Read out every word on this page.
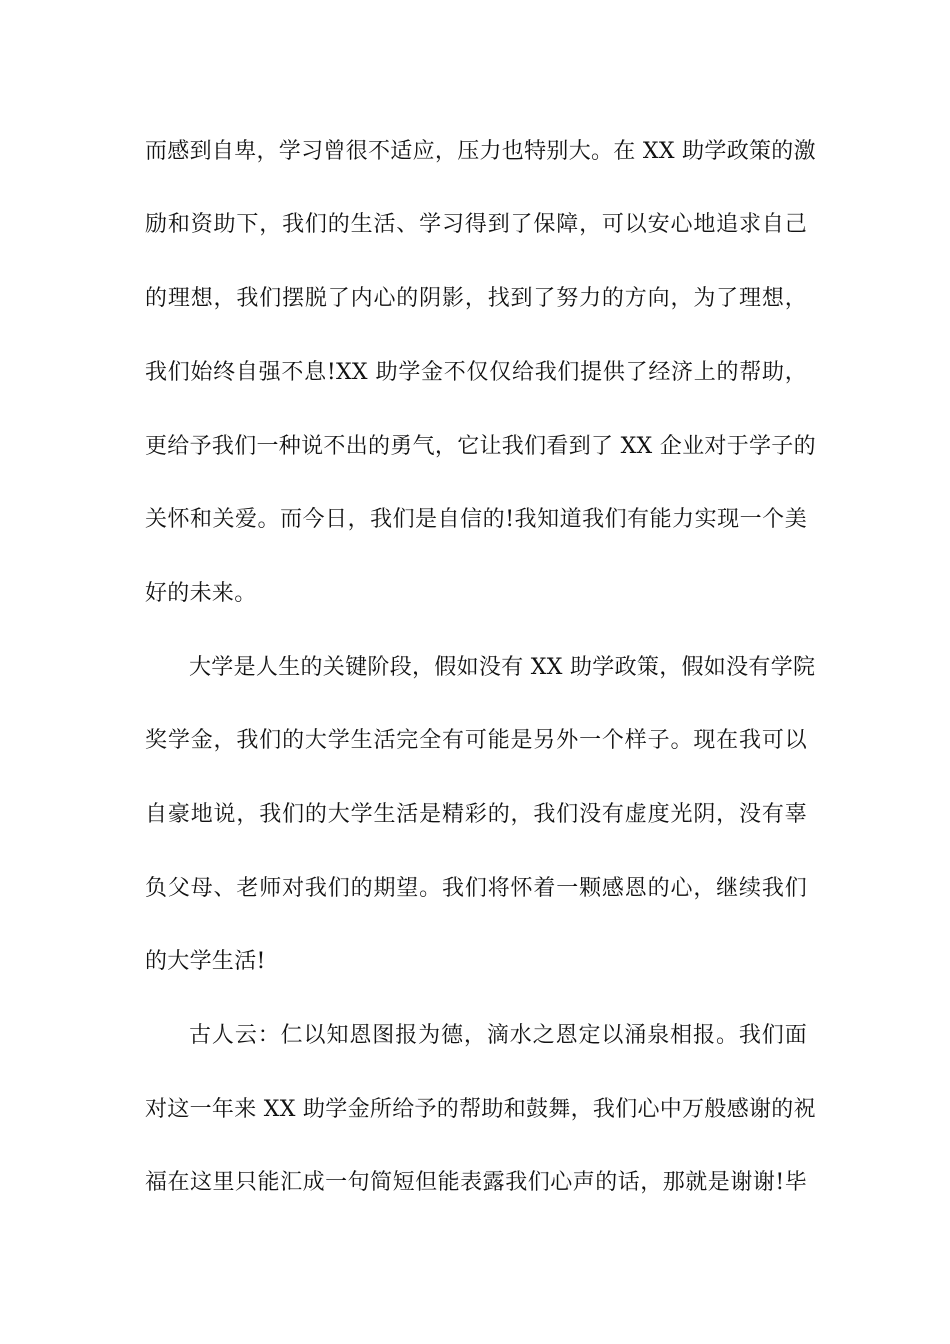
而感到自卑，学习曾很不适应，压力也特别大。在 XX 助学政策的激

励和资助下，我们的生活、学习得到了保障，可以安心地追求自己

的理想，我们摆脱了内心的阴影，找到了努力的方向，为了理想，

我们始终自强不息!XX 助学金不仅仅给我们提供了经济上的帮助，

更给予我们一种说不出的勇气，它让我们看到了 XX 企业对于学子的

关怀和关爱。而今日，我们是自信的!我知道我们有能力实现一个美

好的未来。

大学是人生的关键阶段，假如没有 XX 助学政策，假如没有学院

奖学金，我们的大学生活完全有可能是另外一个样子。现在我可以

自豪地说，我们的大学生活是精彩的，我们没有虚度光阴，没有辜

负父母、老师对我们的期望。我们将怀着一颗感恩的心，继续我们

的大学生活!

古人云：仁以知恩图报为德，滴水之恩定以涌泉相报。我们面

对这一年来 XX 助学金所给予的帮助和鼓舞，我们心中万般感谢的祝

福在这里只能汇成一句简短但能表露我们心声的话，那就是谢谢!毕
